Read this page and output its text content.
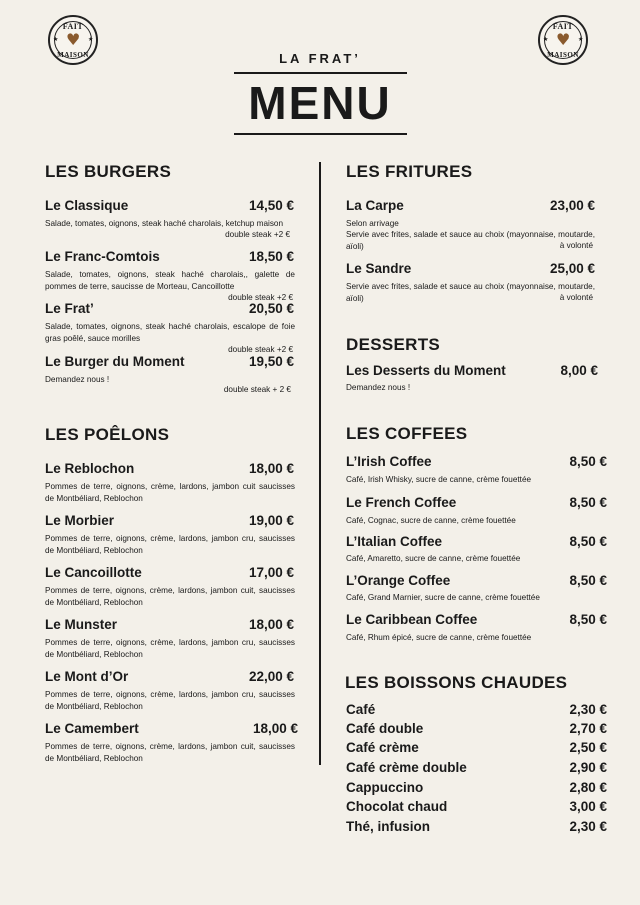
FAIT
♥
★	★
MAISON
FAIT
♥
★	★
MAISON
LA FRAT’
MENU
LES BURGERS
Le Classique	14,50 €
Salade, tomates, oignons, steak haché charolais, ketchup maison
double steak +2 €
Le Franc-Comtois	18,50 €
Salade, tomates, oignons, steak haché charolais,, galette de pommes de terre, saucisse de Morteau, Cancoillotte
double steak +2 €
Le Frat’	20,50 €
Salade, tomates, oignons, steak haché charolais, escalope de foie gras poêlé, sauce morilles
double steak +2 €
Le Burger du Moment	19,50 €
Demandez nous !
double steak + 2 €
LES POÊLONS
Le Reblochon	18,00 €
Pommes de terre, oignons, crème, lardons, jambon cuit saucisses de Montbéliard, Reblochon
Le Morbier	19,00 €
Pommes de terre, oignons, crème, lardons, jambon cru, saucisses de Montbéliard, Reblochon
Le Cancoillotte	17,00 €
Pommes de terre, oignons, crème, lardons, jambon cuit, saucisses de Montbéliard, Reblochon
Le Munster	18,00 €
Pommes de terre, oignons, crème, lardons, jambon cru, saucisses de Montbéliard, Reblochon
Le Mont d’Or	22,00 €
Pommes de terre, oignons, crème, lardons, jambon cru, saucisses de Montbéliard, Reblochon
Le Camembert	18,00 €
Pommes de terre, oignons, crème, lardons, jambon cuit, saucisses de Montbéliard, Reblochon
LES FRITURES
La Carpe	23,00 €
Selon arrivage
Servie avec frites, salade et sauce au choix (mayonnaise, moutarde, aïoli)	à volonté
Le Sandre	25,00 €
Servie avec frites, salade et sauce au choix (mayonnaise, moutarde, aïoli)	à volonté
DESSERTS
Les Desserts du Moment	8,00 €
Demandez nous !
LES COFFEES
L’Irish Coffee	8,50 €
Café, Irish Whisky, sucre de canne, crème fouettée
Le French Coffee	8,50 €
Café, Cognac, sucre de canne, crème fouettée
L’Italian Coffee	8,50 €
Café, Amaretto, sucre de canne, crème fouettée
L’Orange Coffee	8,50 €
Café, Grand Marnier, sucre de canne, crème fouettée
Le Caribbean Coffee	8,50 €
Café, Rhum épicé, sucre de canne, crème fouettée
LES BOISSONS CHAUDES
Café	2,30 €
Café double	2,70 €
Café crème	2,50 €
Café crème double	2,90 €
Cappuccino	2,80 €
Chocolat chaud	3,00 €
Thé, infusion	2,30 €
